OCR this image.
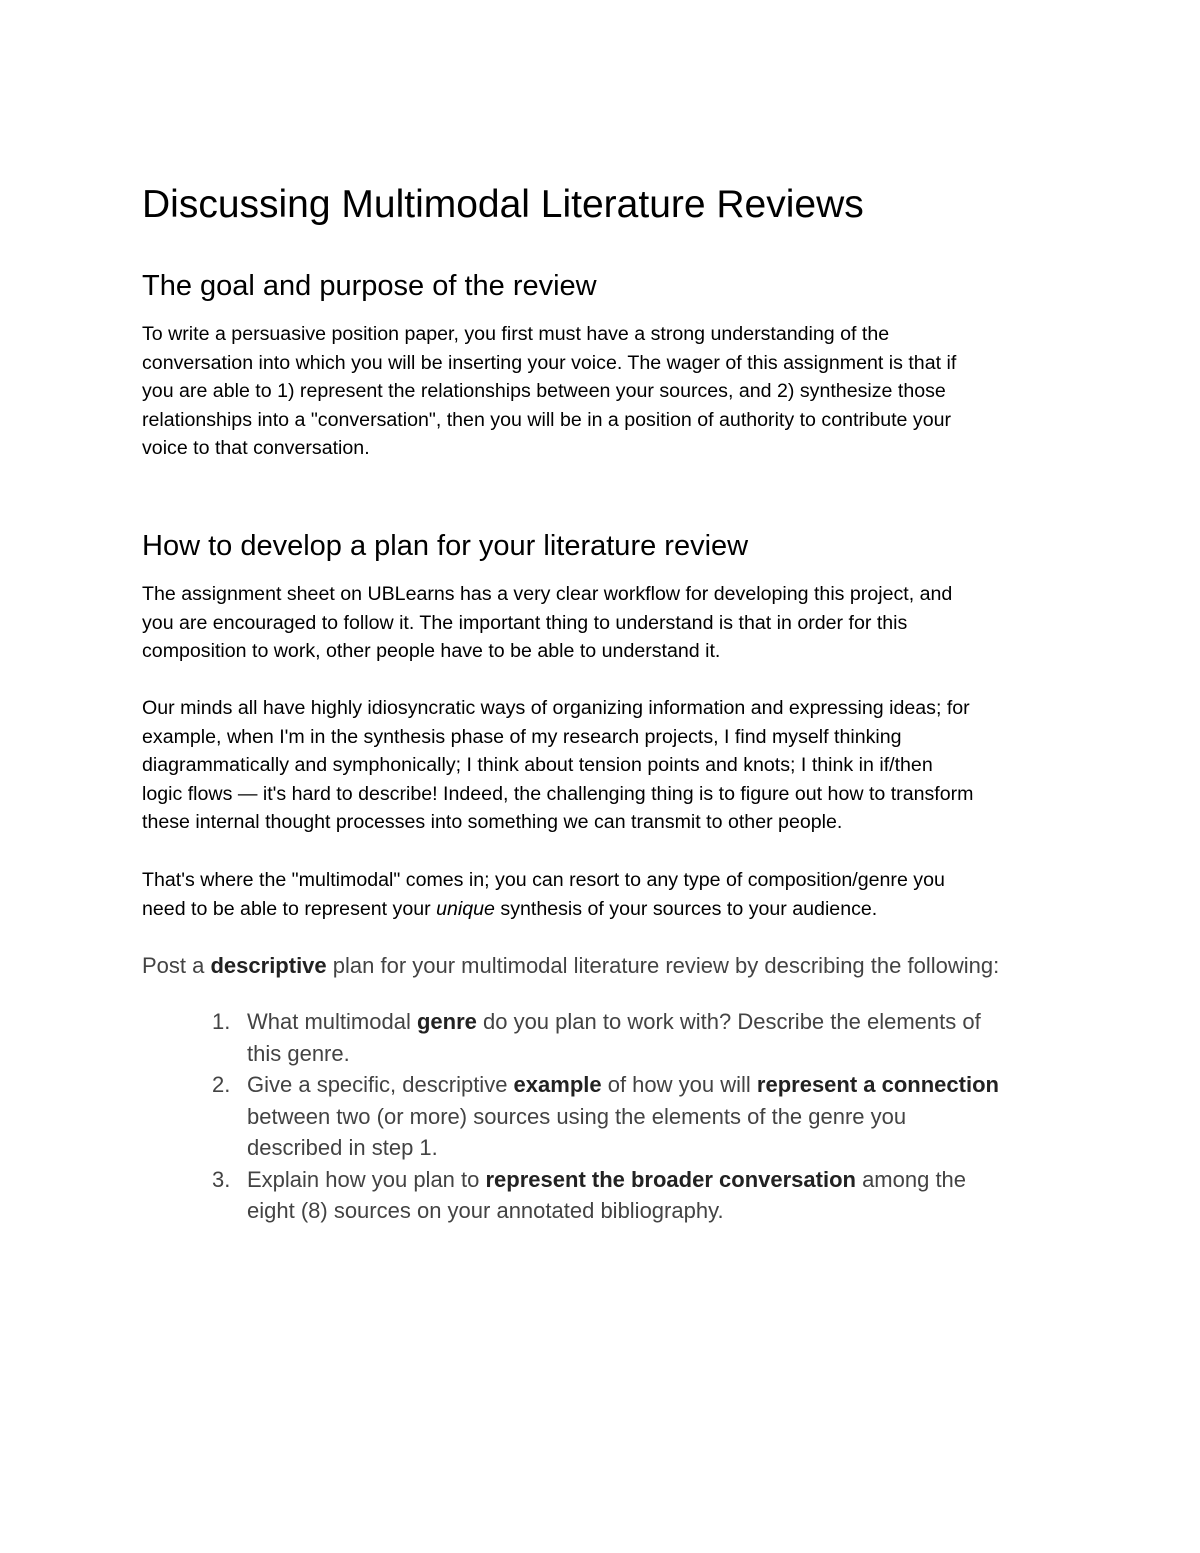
Discussing Multimodal Literature Reviews
The goal and purpose of the review

To write a persuasive position paper, you first must have a strong understanding of the
conversation into which you will be inserting your voice. The wager of this assignment is that if
you are able to 1) represent the relationships between your sources, and 2) synthesize those
relationships into a "conversation", then you will be in a position of authority to contribute your
voice to that conversation.

How to develop a plan for your literature review

The assignment sheet on UBLearns has a very clear workflow for developing this project, and
you are encouraged to follow it. The important thing to understand is that in order for this
composition to work, other people have to be able to understand it.

Our minds all have highly idiosyncratic ways of organizing information and expressing ideas; for
example, when I'm in the synthesis phase of my research projects, I find myself thinking
diagrammatically and symphonically; I think about tension points and knots; I think in if/then
logic flows — it's hard to describe! Indeed, the challenging thing is to figure out how to transform
these internal thought processes into something we can transmit to other people.

That's where the "multimodal" comes in; you can resort to any type of composition/genre you
need to be able to represent your unique synthesis of your sources to your audience.

Post a descriptive plan for your multimodal literature review by describing the following:

1. What multimodal genre do you plan to work with? Describe the elements of
this genre.
2. Give a specific, descriptive example of how you will represent a connection
between two (or more) sources using the elements of the genre you
described in step 1.
3. Explain how you plan to represent the broader conversation among the
eight (8) sources on your annotated bibliography.
